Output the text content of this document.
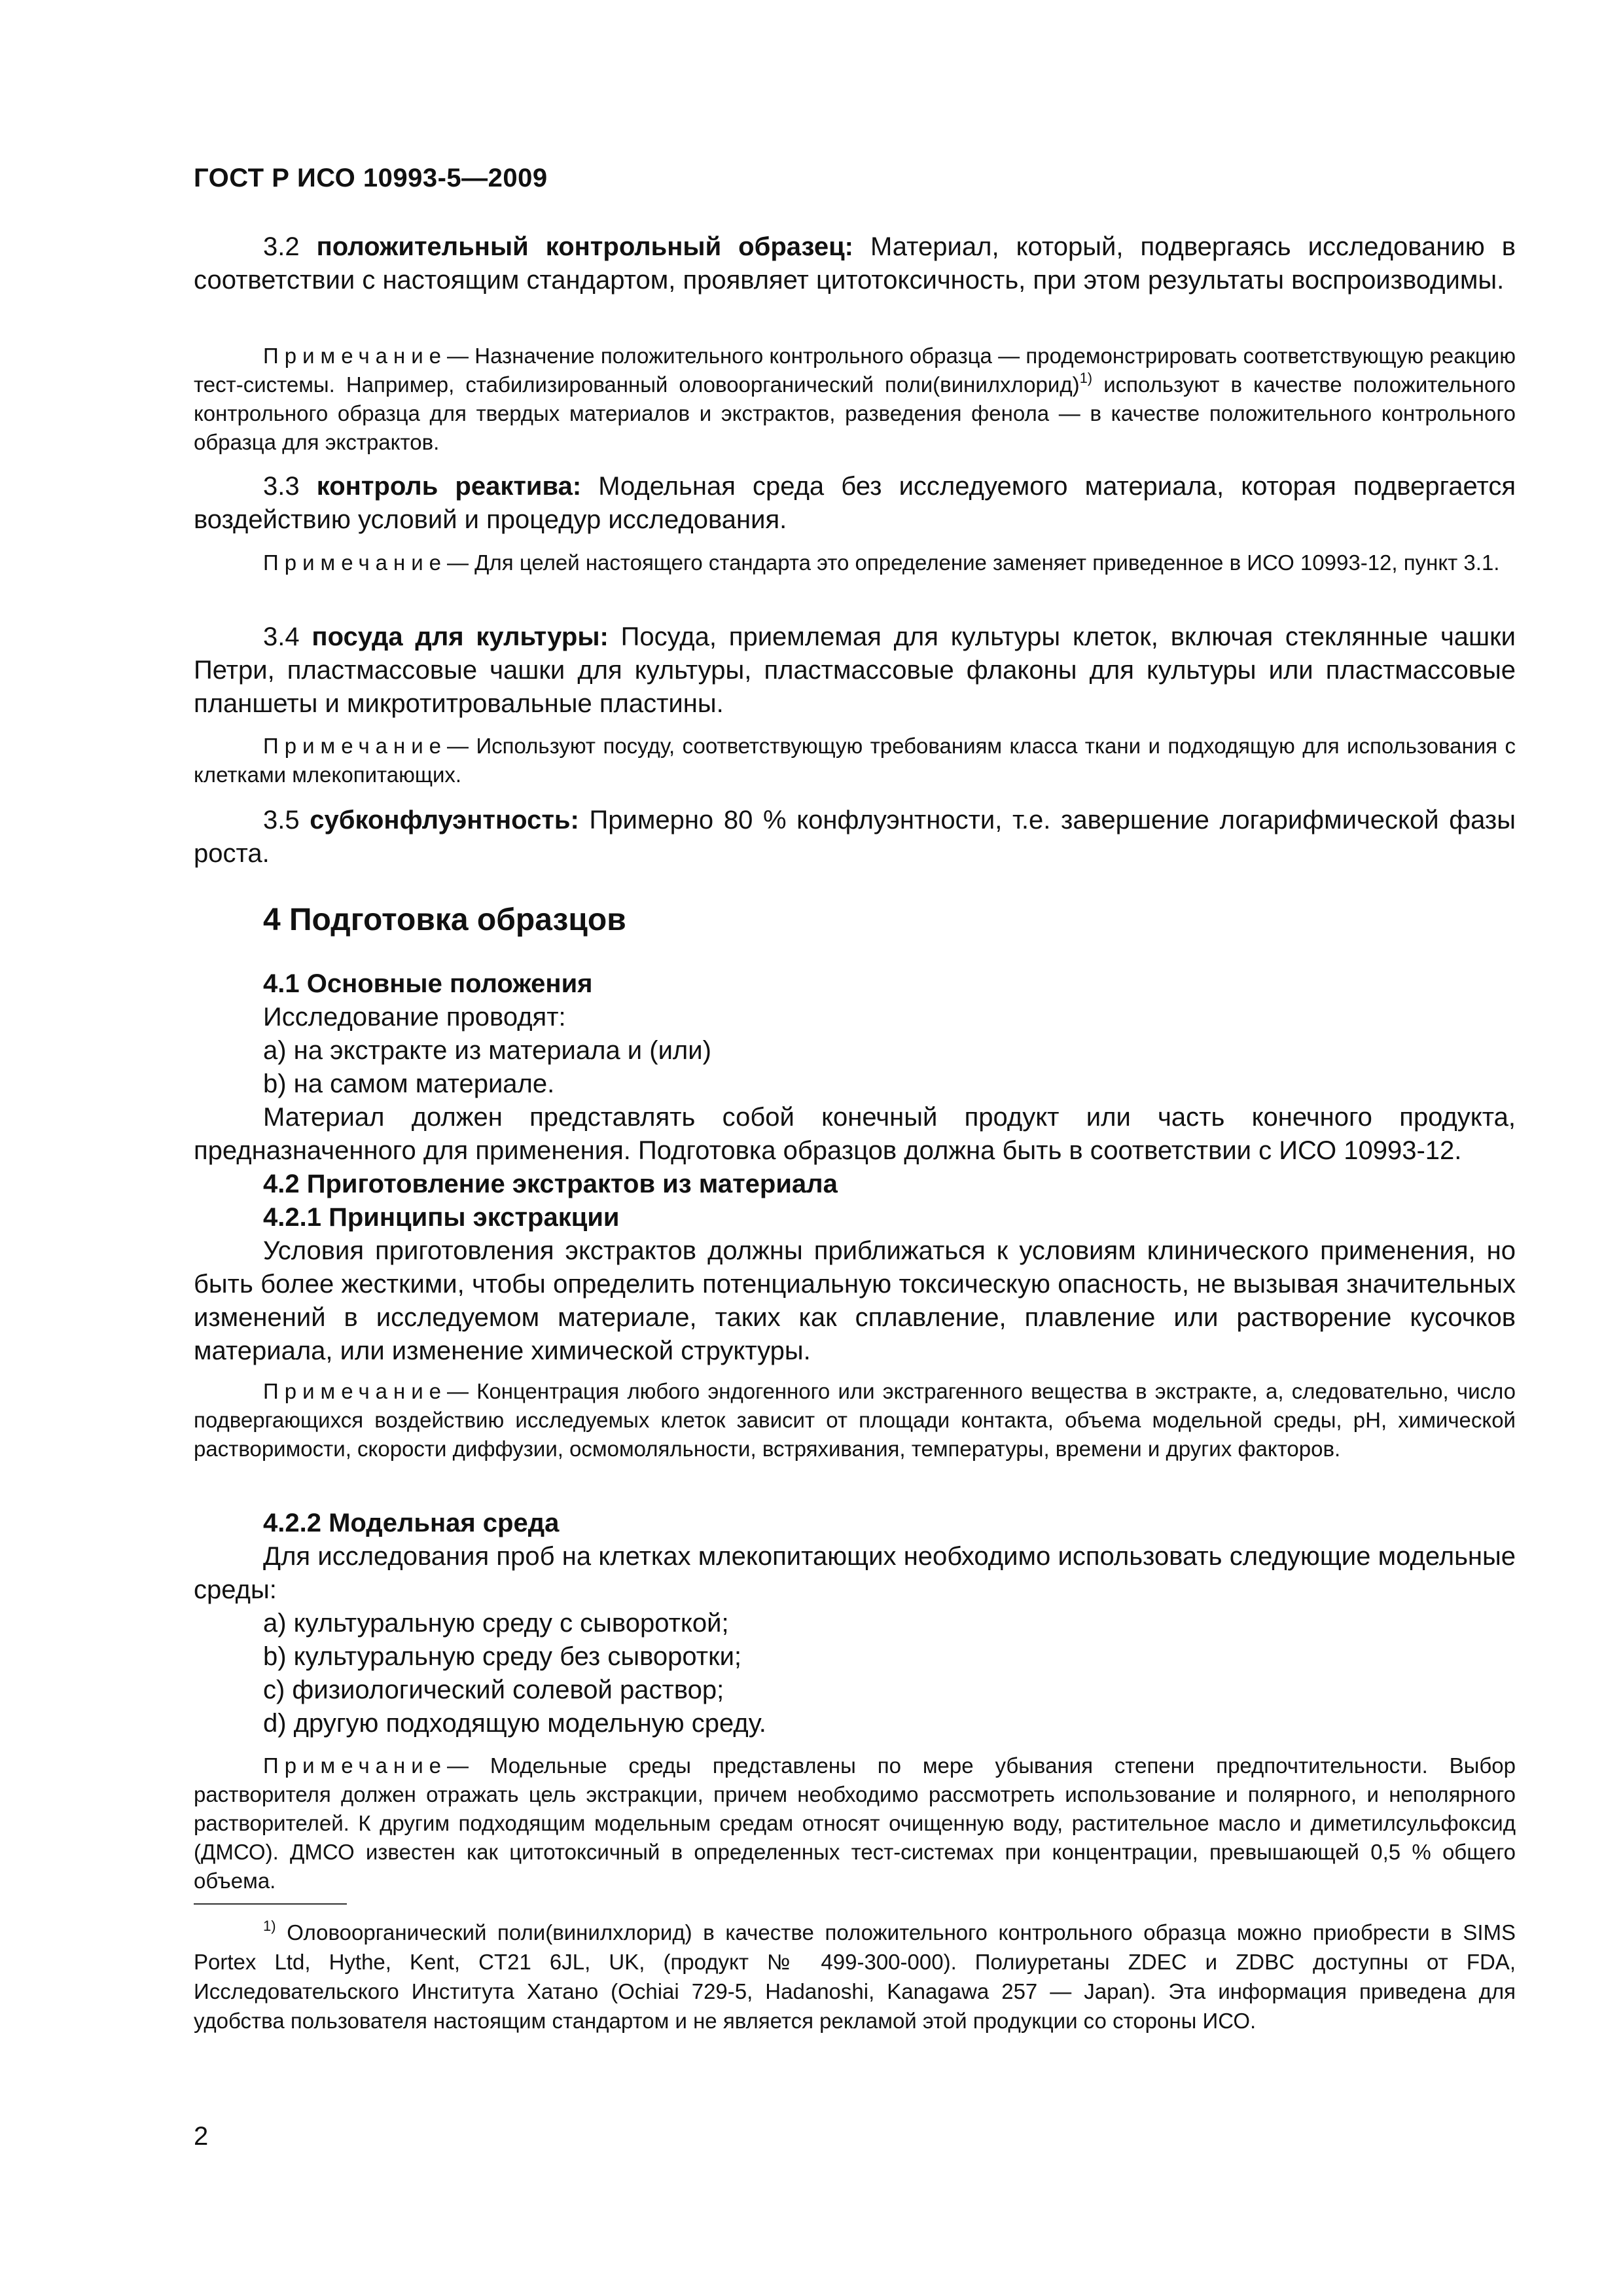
ГОСТ Р ИСО 10993-5—2009

3.2 положительный контрольный образец: Материал, который, подвергаясь исследованию в соответствии с настоящим стандартом, проявляет цитотоксичность, при этом результаты воспроизводимы.

Примечание— Назначение положительного контрольного образца — продемонстрировать соответствующую реакцию тест-системы. Например, стабилизированный оловоорганический поли(винилхлорид)$^{1)}$ используют в качестве положительного контрольного образца для твердых материалов и экстрактов, разведения фенола — в качестве положительного контрольного образца для экстрактов.

3.3 контроль реактива: Модельная среда без исследуемого материала, которая подвергается воздействию условий и процедур исследования.

Примечание— Для целей настоящего стандарта это определение заменяет приведенное в ИСО 10993-12, пункт 3.1.

3.4 посуда для культуры: Посуда, приемлемая для культуры клеток, включая стеклянные чашки Петри, пластмассовые чашки для культуры, пластмассовые флаконы для культуры или пластмассовые планшеты и микротитровальные пластины.

Примечание— Используют посуду, соответствующую требованиям класса ткани и подходящую для использования с клетками млекопитающих.

3.5 субконфлуэнтность: Примерно 80 % конфлуэнтности, т.е. завершение логарифмической фазы роста.

4 Подготовка образцов

4.1 Основные положения

Исследование проводят:

a) на экстракте из материала и (или)

b) на самом материале.

Материал должен представлять собой конечный продукт или часть конечного продукта, предназначенного для применения. Подготовка образцов должна быть в соответствии с ИСО 10993-12.

4.2 Приготовление экстрактов из материала

4.2.1 Принципы экстракции

Условия приготовления экстрактов должны приближаться к условиям клинического применения, но быть более жесткими, чтобы определить потенциальную токсическую опасность, не вызывая значительных изменений в исследуемом материале, таких как сплавление, плавление или растворение кусочков материала, или изменение химической структуры.

Примечание— Концентрация любого эндогенного или экстрагенного вещества в экстракте, а, следовательно, число подвергающихся воздействию исследуемых клеток зависит от площади контакта, объема модельной среды, pH, химической растворимости, скорости диффузии, осмомоляльности, встряхивания, температуры, времени и других факторов.

4.2.2 Модельная среда

Для исследования проб на клетках млекопитающих необходимо использовать следующие модельные среды:

a) культуральную среду с сывороткой;

b) культуральную среду без сыворотки;

c) физиологический солевой раствор;

d) другую подходящую модельную среду.

Примечание— Модельные среды представлены по мере убывания степени предпочтительности. Выбор растворителя должен отражать цель экстракции, причем необходимо рассмотреть использование и полярного, и неполярного растворителей. К другим подходящим модельным средам относят очищенную воду, растительное масло и диметилсульфоксид (ДМСО). ДМСО известен как цитотоксичный в определенных тест-системах при концентрации, превышающей 0,5 % общего объема.

$^{1)}$ Оловоорганический поли(винилхлорид) в качестве положительного контрольного образца можно приобрести в SIMS Portex Ltd, Hythe, Kent, CT21 6JL, UK, (продукт № 499-300-000). Полиуретаны ZDEC и ZDBC доступны от FDA, Исследовательского Института Хатано (Ochiai 729-5, Hadanoshi, Kanagawa 257 — Japan). Эта информация приведена для удобства пользователя настоящим стандартом и не является рекламой этой продукции со стороны ИСО.

2
